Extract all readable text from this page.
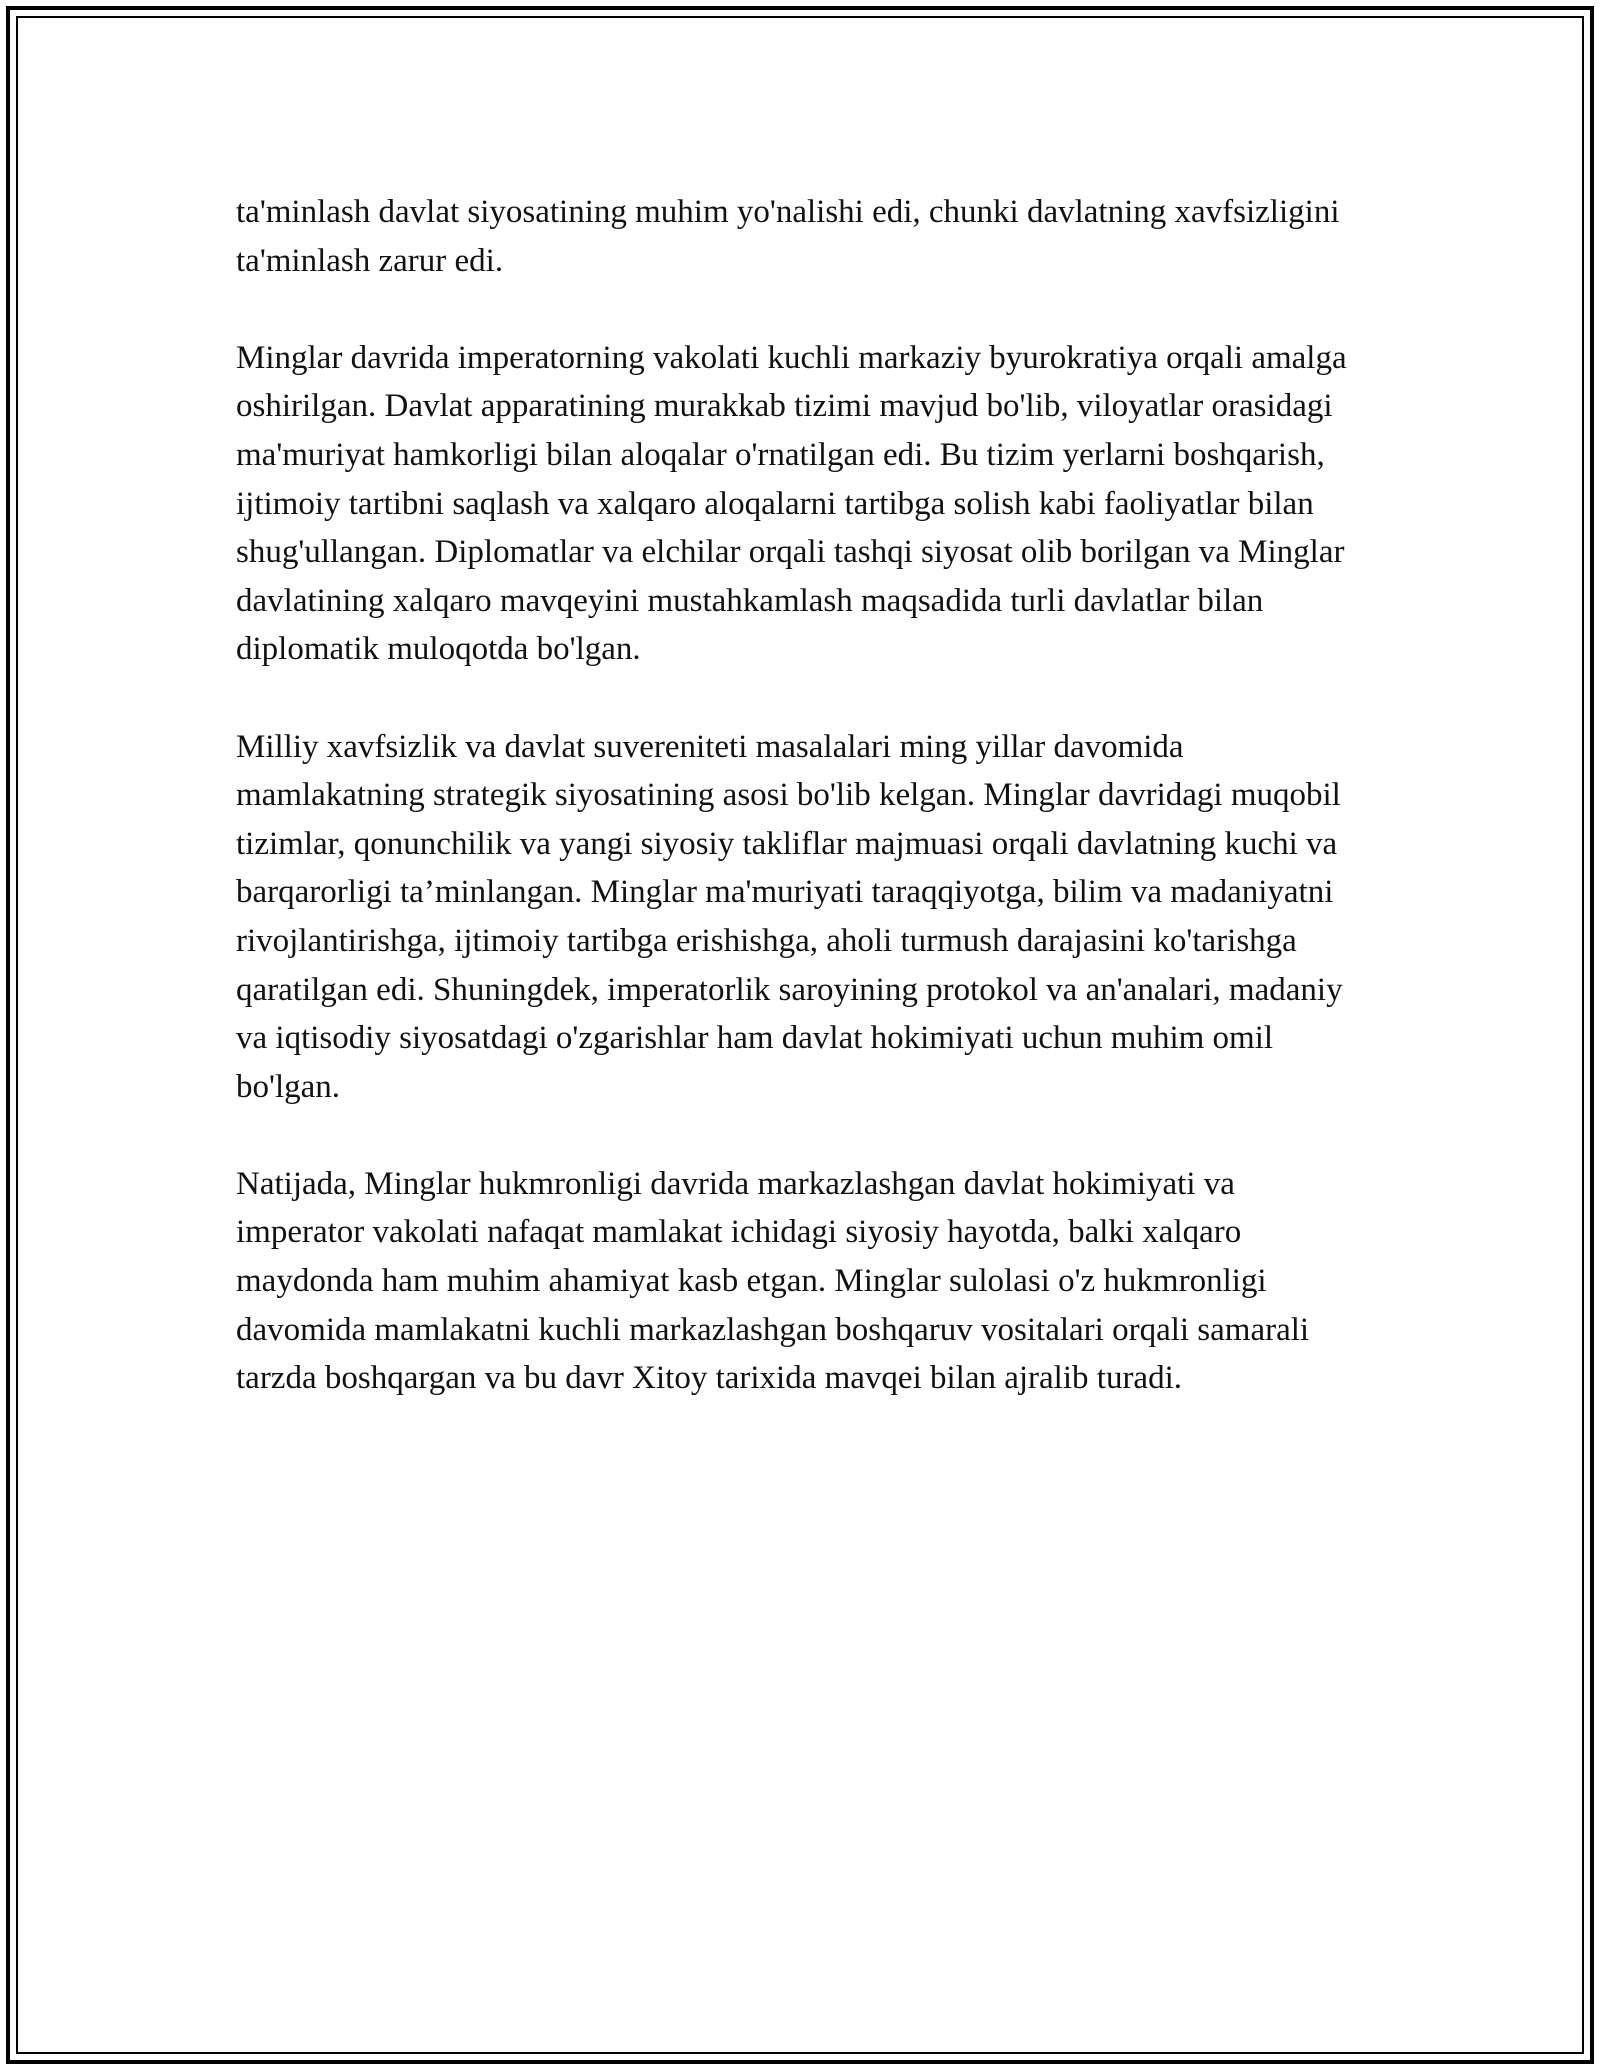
ta'minlash davlat siyosatining muhim yo'nalishi edi, chunki davlatning xavfsizligini ta'minlash zarur edi.

Minglar davrida imperatorning vakolati kuchli markaziy byurokratiya orqali amalga oshirilgan. Davlat apparatining murakkab tizimi mavjud bo'lib, viloyatlar orasidagi ma'muriyat hamkorligi bilan aloqalar o'rnatilgan edi. Bu tizim yerlarni boshqarish, ijtimoiy tartibni saqlash va xalqaro aloqalarni tartibga solish kabi faoliyatlar bilan shug'ullangan. Diplomatlar va elchilar orqali tashqi siyosat olib borilgan va Minglar davlatining xalqaro mavqeyini mustahkamlash maqsadida turli davlatlar bilan diplomatik muloqotda bo'lgan.

Milliy xavfsizlik va davlat suvereniteti masalalari ming yillar davomida mamlakatning strategik siyosatining asosi bo'lib kelgan. Minglar davridagi muqobil tizimlar, qonunchilik va yangi siyosiy takliflar majmuasi orqali davlatning kuchi va barqarorligi ta’minlangan. Minglar ma'muriyati taraqqiyotga, bilim va madaniyatni rivojlantirishga, ijtimoiy tartibga erishishga, aholi turmush darajasini ko'tarishga qaratilgan edi. Shuningdek, imperatorlik saroyining protokol va an'analari, madaniy va iqtisodiy siyosatdagi o'zgarishlar ham davlat hokimiyati uchun muhim omil bo'lgan.

Natijada, Minglar hukmronligi davrida markazlashgan davlat hokimiyati va imperator vakolati nafaqat mamlakat ichidagi siyosiy hayotda, balki xalqaro maydonda ham muhim ahamiyat kasb etgan. Minglar sulolasi o'z hukmronligi davomida mamlakatni kuchli markazlashgan boshqaruv vositalari orqali samarali tarzda boshqargan va bu davr Xitoy tarixida mavqei bilan ajralib turadi.
